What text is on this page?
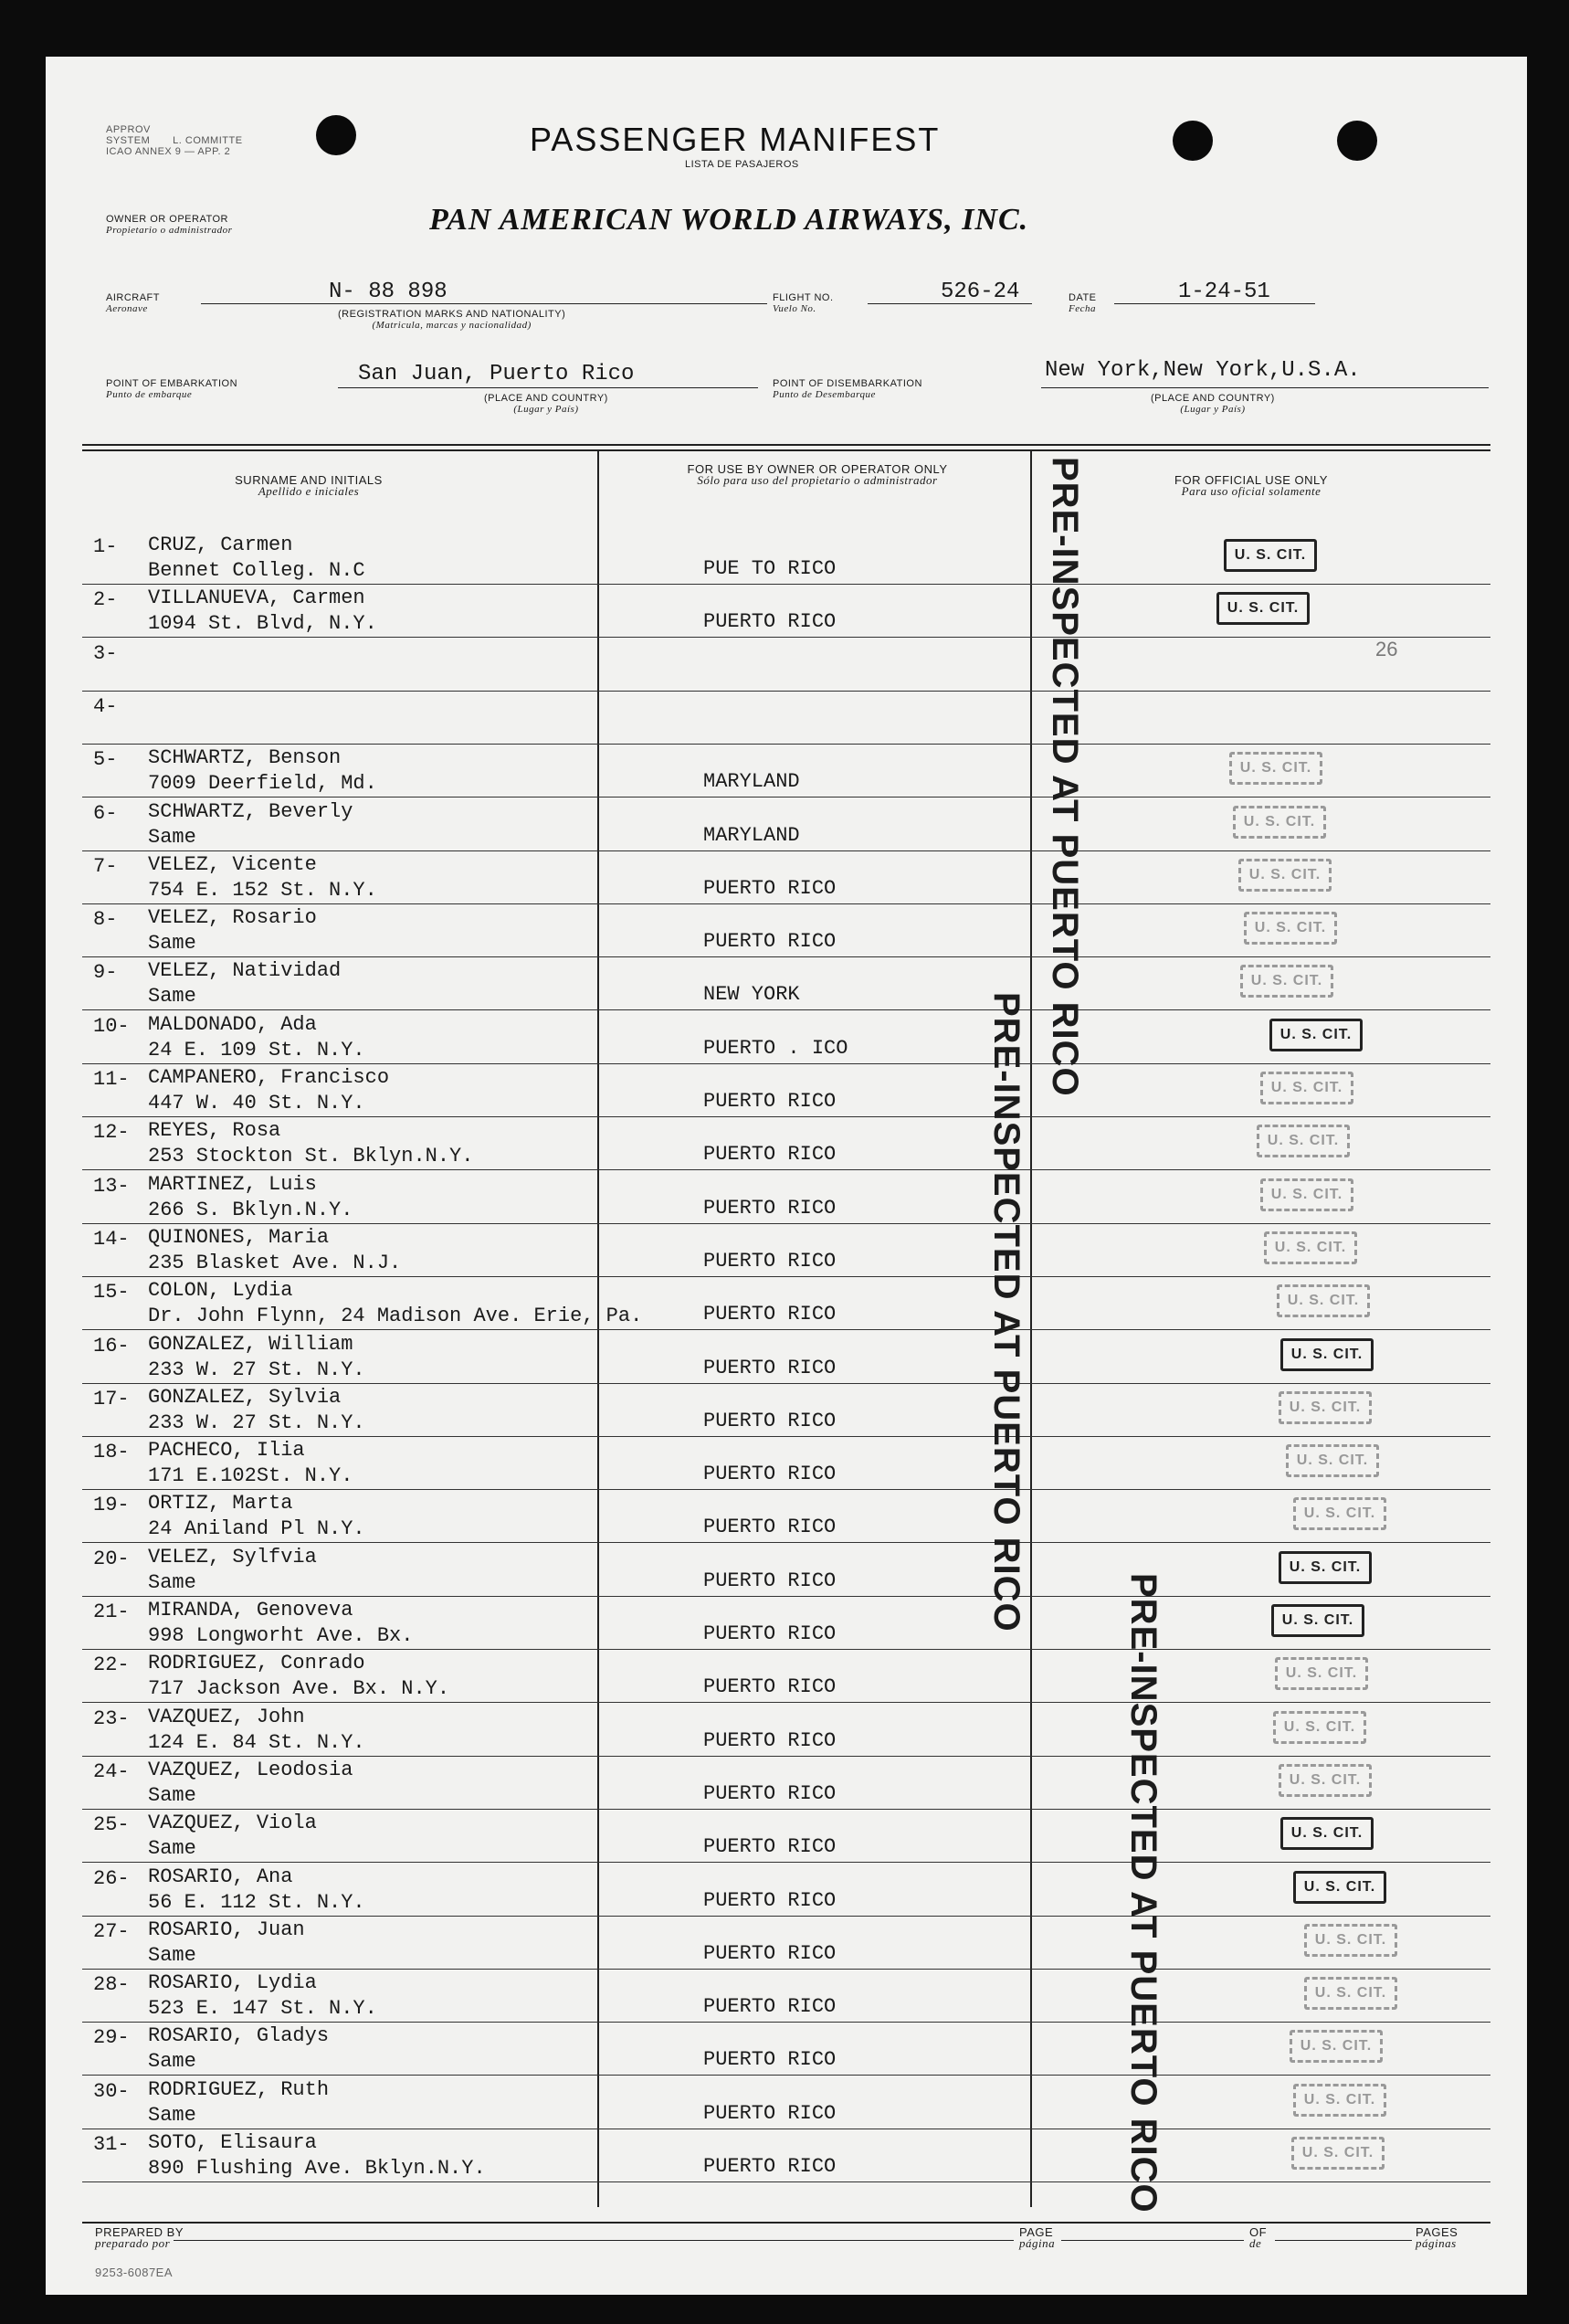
APPROV
SYSTEM L. COMMITTE
ICAO ANNEX 9 — APP. 2	PASSENGER MANIFEST
LISTA DE PASAJEROS
OWNER OR OPERATOR
Propietario o administrador	PAN AMERICAN WORLD AIRWAYS, INC.
AIRCRAFT
Aeronave
N- 88 898
(REGISTRATION MARKS AND NATIONALITY)
(Matricula, marcas y nacionalidad)
FLIGHT NO.
Vuelo No.
526-24	DATE
Fecha
1-24-51
POINT OF EMBARKATION
Punto de embarque
San Juan, Puerto Rico
(PLACE AND COUNTRY)
(Lugar y País)
POINT OF DISEMBARKATION
Punto de Desembarque
New York,New York,U.S.A.
(PLACE AND COUNTRY)
(Lugar y País)
SURNAME AND INITIALS
Apellido e iniciales
FOR USE BY OWNER OR OPERATOR ONLY
Sólo para uso del propietario o administrador	FOR OFFICIAL USE ONLY
Para uso oficial solamente
1- CRUZ, Carmen
Bennet Colleg. N.C	PUE TO RICO
U. S. CIT.
2- VILLANUEVA, Carmen
1094 St. Blvd, N.Y.	PUERTO RICO
U. S. CIT.
3-
4-
5- SCHWARTZ, Benson
7009 Deerfield, Md.	MARYLAND
U. S. CIT.
6- SCHWARTZ, Beverly
Same	MARYLAND
U. S. CIT.
7- VELEZ, Vicente
754 E. 152 St. N.Y.	PUERTO RICO
U. S. CIT.
8- VELEZ, Rosario
Same	PUERTO RICO
U. S. CIT.
9- VELEZ, Natividad
Same	NEW YORK
U. S. CIT.
10- MALDONADO, Ada
24 E. 109 St. N.Y.	PUERTO . ICO
U. S. CIT.
11- CAMPANERO, Francisco
447 W. 40 St. N.Y.	PUERTO RICO
U. S. CIT.
12- REYES, Rosa
253 Stockton St. Bklyn.N.Y.	PUERTO RICO
U. S. CIT.
13- MARTINEZ, Luis
266 S. Bklyn.N.Y.	PUERTO RICO
U. S. CIT.
14- QUINONES, Maria
235 Blasket Ave. N.J.	PUERTO RICO
U. S. CIT.
15- COLON, Lydia
Dr. John Flynn, 24 Madison Ave. Erie, Pa.	PUERTO RICO
U. S. CIT.
16- GONZALEZ, William
233 W. 27 St. N.Y.	PUERTO RICO
U. S. CIT.
17- GONZALEZ, Sylvia
233 W. 27 St. N.Y.	PUERTO RICO
U. S. CIT.
18- PACHECO, Ilia
171 E.102St. N.Y.	PUERTO RICO
U. S. CIT.
19- ORTIZ, Marta
24 Aniland Pl N.Y.	PUERTO RICO
U. S. CIT.
20- VELEZ, Sylfvia
Same	PUERTO RICO
U. S. CIT.
21- MIRANDA, Genoveva
998 Longworht Ave. Bx.	PUERTO RICO
U. S. CIT.
22- RODRIGUEZ, Conrado
717 Jackson Ave. Bx. N.Y.	PUERTO RICO
U. S. CIT.
23- VAZQUEZ, John
124 E. 84 St. N.Y.	PUERTO RICO
U. S. CIT.
24- VAZQUEZ, Leodosia
Same	PUERTO RICO
U. S. CIT.
25- VAZQUEZ, Viola
Same	PUERTO RICO
U. S. CIT.
26- ROSARIO, Ana
56 E. 112 St. N.Y.	PUERTO RICO
U. S. CIT.
27- ROSARIO, Juan
Same	PUERTO RICO
U. S. CIT.
28- ROSARIO, Lydia
523 E. 147 St. N.Y.	PUERTO RICO
U. S. CIT.
29- ROSARIO, Gladys
Same	PUERTO RICO
U. S. CIT.
30- RODRIGUEZ, Ruth
Same	PUERTO RICO
U. S. CIT.
31- SOTO, Elisaura
890 Flushing Ave. Bklyn.N.Y.	PUERTO RICO
U. S. CIT.
PRE-INSPECTED AT PUERTO RICO
PRE-INSPECTED AT PUERTO RICO
PRE-INSPECTED AT PUERTO RICO
26
PREPARED BY
preparado por
PAGE
página
OF
de
PAGES
páginas
9253-6087EA
